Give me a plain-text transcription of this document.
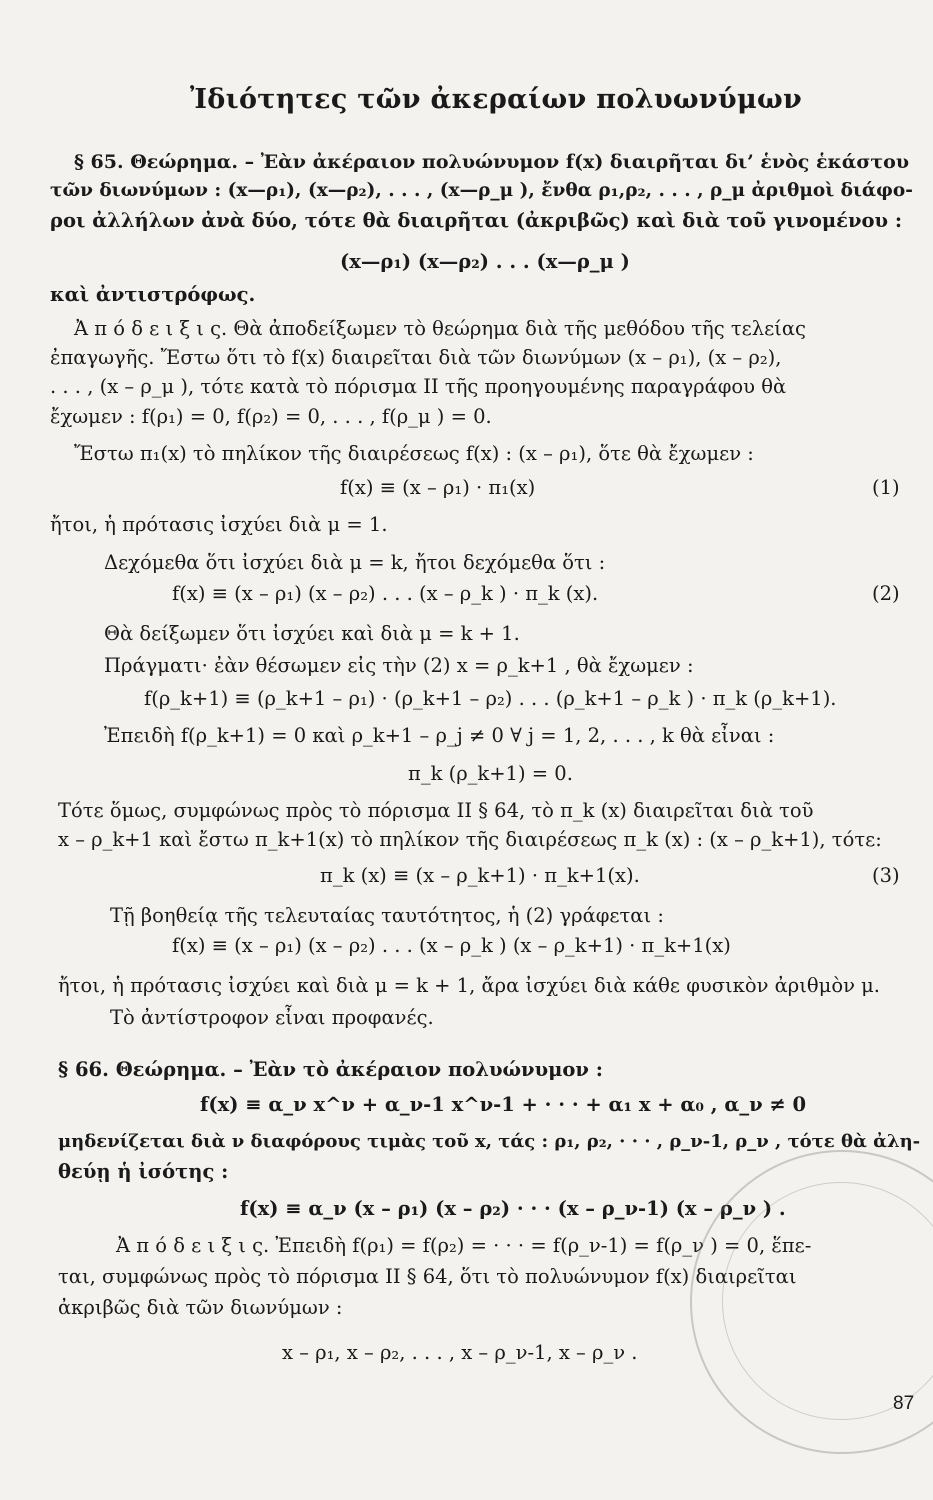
Ἰδιότητες τῶν ἀκεραίων πολυωνύμων
§ 65. Θεώρημα. – Ἐὰν ἀκέραιον πολυώνυμον f(x) διαιρῆται δι’ ἑνὸς ἑκάστου
τῶν διωνύμων : (x—ρ₁), (x—ρ₂), . . . , (x—ρ_μ ), ἔνθα ρ₁,ρ₂, . . . , ρ_μ ἀριθμοὶ διάφο-
ροι ἀλλήλων ἀνὰ δύο, τότε θὰ διαιρῆται (ἀκριβῶς) καὶ διὰ τοῦ γινομένου :
(x—ρ₁) (x—ρ₂) . . . (x—ρ_μ )
καὶ ἀντιστρόφως.
Ἀ π ό δ ε ι ξ ι ς. Θὰ ἀποδείξωμεν τὸ θεώρημα διὰ τῆς μεθόδου τῆς τελείας
ἐπαγωγῆς. Ἔστω ὅτι τὸ f(x) διαιρεῖται διὰ τῶν διωνύμων (x – ρ₁), (x – ρ₂),
. . . , (x – ρ_μ ), τότε κατὰ τὸ πόρισμα II τῆς προηγουμένης παραγράφου θὰ
ἔχωμεν : f(ρ₁) = 0, f(ρ₂) = 0, . . . , f(ρ_μ ) = 0.
Ἔστω π₁(x) τὸ πηλίκον τῆς διαιρέσεως f(x) : (x – ρ₁), ὅτε θὰ ἔχωμεν :
f(x) ≡ (x – ρ₁) · π₁(x)	(1)
ἤτοι, ἡ πρότασις ἰσχύει διὰ μ = 1.
Δεχόμεθα ὅτι ἰσχύει διὰ μ = k, ἤτοι δεχόμεθα ὅτι :
f(x) ≡ (x – ρ₁) (x – ρ₂) . . . (x – ρ_k ) · π_k (x).	(2)
Θὰ δείξωμεν ὅτι ἰσχύει καὶ διὰ μ = k + 1.
Πράγματι· ἐὰν θέσωμεν εἰς τὴν (2) x = ρ_k+1 , θὰ ἔχωμεν :
f(ρ_k+1) ≡ (ρ_k+1 – ρ₁) · (ρ_k+1 – ρ₂) . . . (ρ_k+1 – ρ_k ) · π_k (ρ_k+1).
Ἐπειδὴ f(ρ_k+1) = 0 καὶ ρ_k+1 – ρ_j ≠ 0 ∀ j = 1, 2, . . . , k θὰ εἶναι :
π_k (ρ_k+1) = 0.
Τότε ὅμως, συμφώνως πρὸς τὸ πόρισμα II § 64, τὸ π_k (x) διαιρεῖται διὰ τοῦ
x – ρ_k+1 καὶ ἔστω π_k+1(x) τὸ πηλίκον τῆς διαιρέσεως π_k (x) : (x – ρ_k+1), τότε:
π_k (x) ≡ (x – ρ_k+1) · π_k+1(x).	(3)
Τῇ βοηθείᾳ τῆς τελευταίας ταυτότητος, ἡ (2) γράφεται :
f(x) ≡ (x – ρ₁) (x – ρ₂) . . . (x – ρ_k ) (x – ρ_k+1) · π_k+1(x)
ἤτοι, ἡ πρότασις ἰσχύει καὶ διὰ μ = k + 1, ἄρα ἰσχύει διὰ κάθε φυσικὸν ἀριθμὸν μ.
Τὸ ἀντίστροφον εἶναι προφανές.
§ 66. Θεώρημα. – Ἐὰν τὸ ἀκέραιον πολυώνυμον :
f(x) ≡ α_ν x^ν + α_ν-1 x^ν-1 + · · · + α₁ x + α₀ , α_ν ≠ 0
μηδενίζεται διὰ ν διαφόρους τιμὰς τοῦ x, τάς : ρ₁, ρ₂, · · · , ρ_ν-1, ρ_ν , τότε θὰ ἀλη-
θεύῃ ἡ ἰσότης :
f(x) ≡ α_ν (x – ρ₁) (x – ρ₂) · · · (x – ρ_ν-1) (x – ρ_ν ) .
Ἀ π ό δ ε ι ξ ι ς. Ἐπειδὴ f(ρ₁) = f(ρ₂) = · · · = f(ρ_ν-1) = f(ρ_ν ) = 0, ἕπε-
ται, συμφώνως πρὸς τὸ πόρισμα II § 64, ὅτι τὸ πολυώνυμον f(x) διαιρεῖται
ἀκριβῶς διὰ τῶν διωνύμων :
x – ρ₁, x – ρ₂, . . . , x – ρ_ν-1, x – ρ_ν .
87
